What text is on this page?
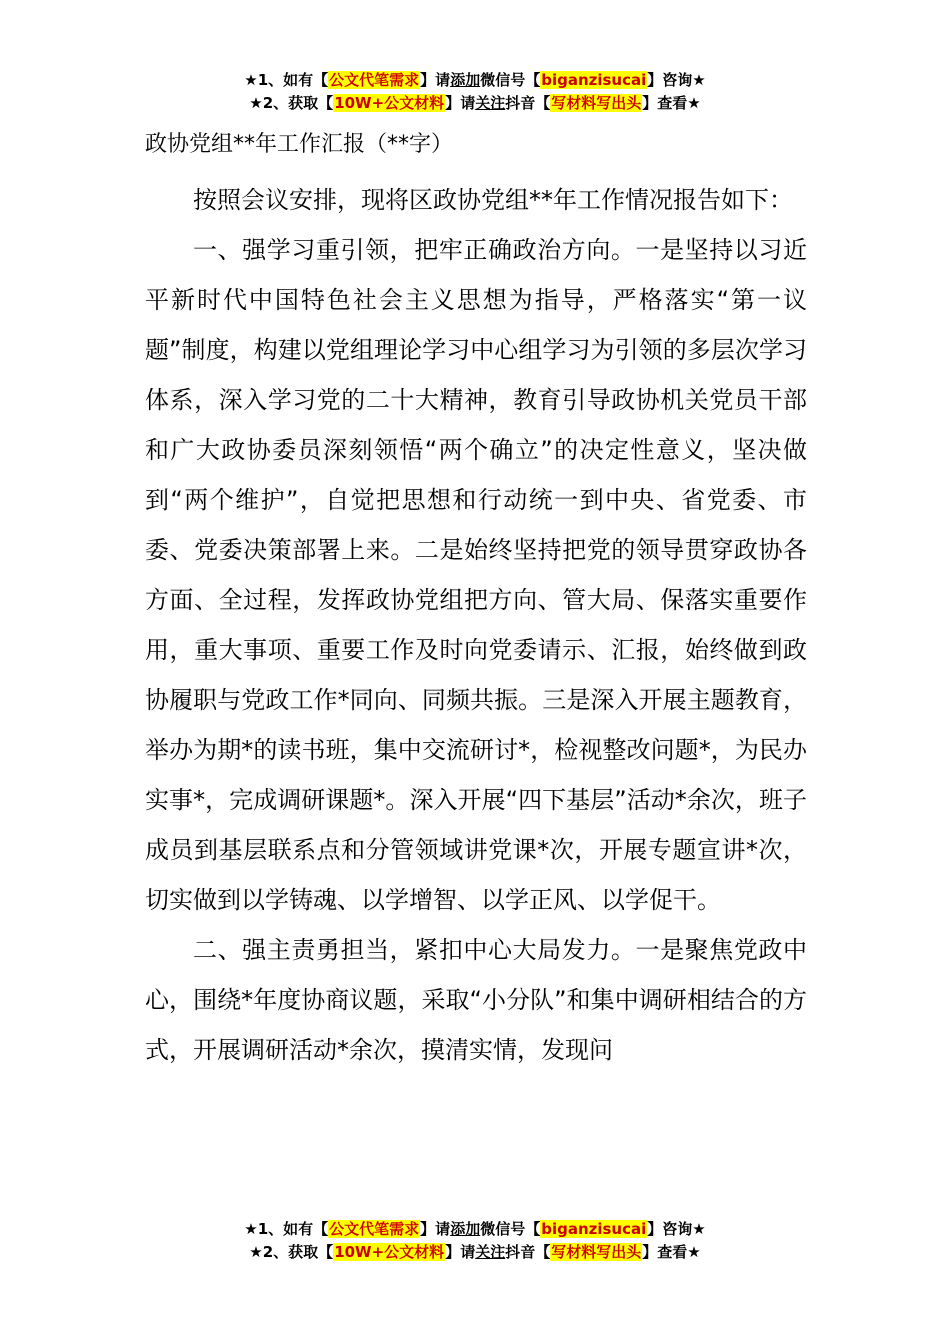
★1、如有【公文代笔需求】请添加微信号【biganzisucai】咨询★
★2、获取【10W+公文材料】请关注抖音【写材料写出头】查看★
政协党组**年工作汇报（**字）

按照会议安排，现将区政协党组**年工作情况报告如下：

一、强学习重引领，把牢正确政治方向。一是坚持以习近平新时代中国特色社会主义思想为指导，严格落实“第一议题”制度，构建以党组理论学习中心组学习为引领的多层次学习体系，深入学习党的二十大精神，教育引导政协机关党员干部和广大政协委员深刻领悟“两个确立”的决定性意义，坚决做到“两个维护”，自觉把思想和行动统一到中央、省党委、市委、党委决策部署上来。二是始终坚持把党的领导贯穿政协各方面、全过程，发挥政协党组把方向、管大局、保落实重要作用，重大事项、重要工作及时向党委请示、汇报，始终做到政协履职与党政工作*同向、同频共振。三是深入开展主题教育，举办为期*的读书班，集中交流研讨*，检视整改问题*，为民办实事*，完成调研课题*。深入开展“四下基层”活动*余次，班子成员到基层联系点和分管领域讲党课*次，开展专题宣讲*次，切实做到以学铸魂、以学增智、以学正风、以学促干。

二、强主责勇担当，紧扣中心大局发力。一是聚焦党政中心，围绕*年度协商议题，采取“小分队”和集中调研相结合的方式，开展调研活动*余次，摸清实情，发现问

★1、如有【公文代笔需求】请添加微信号【biganzisucai】咨询★
★2、获取【10W+公文材料】请关注抖音【写材料写出头】查看★
